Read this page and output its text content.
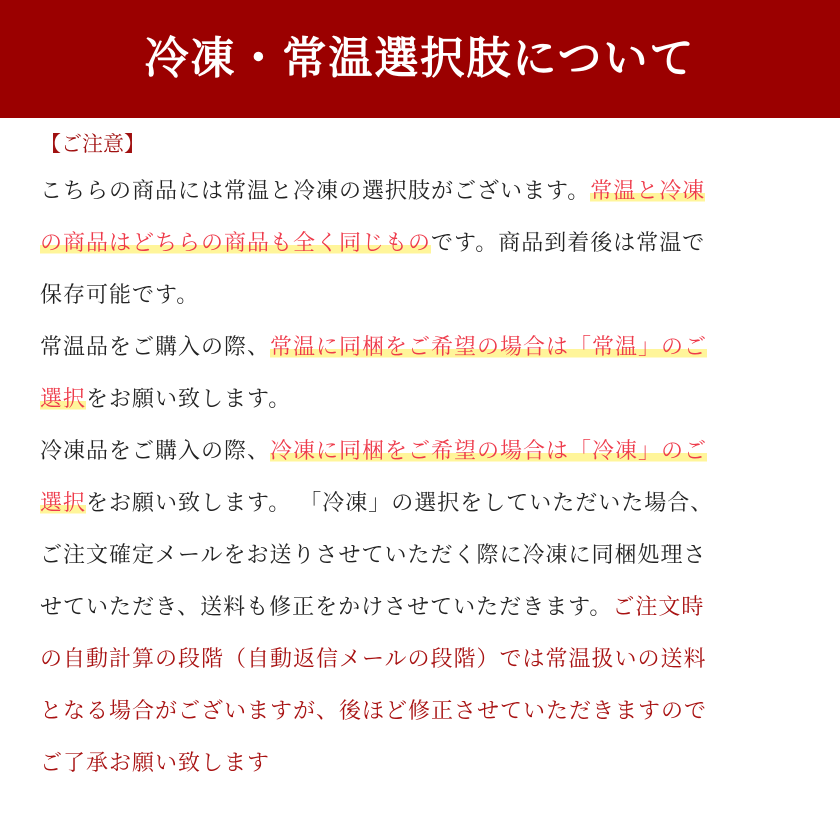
冷凍・常温選択肢について
【ご注意】
こちらの商品には常温と冷凍の選択肢がございます。常温と冷凍
の商品はどちらの商品も全く同じものです。商品到着後は常温で
保存可能です。
常温品をご購入の際、常温に同梱をご希望の場合は「常温」のご
選択をお願い致します。
冷凍品をご購入の際、冷凍に同梱をご希望の場合は「冷凍」のご
選択をお願い致します。 「冷凍」の選択をしていただいた場合、
ご注文確定メールをお送りさせていただく際に冷凍に同梱処理さ
せていただき、送料も修正をかけさせていただきます。ご注文時
の自動計算の段階（自動返信メールの段階）では常温扱いの送料
となる場合がございますが、後ほど修正させていただきますので
ご了承お願い致します
